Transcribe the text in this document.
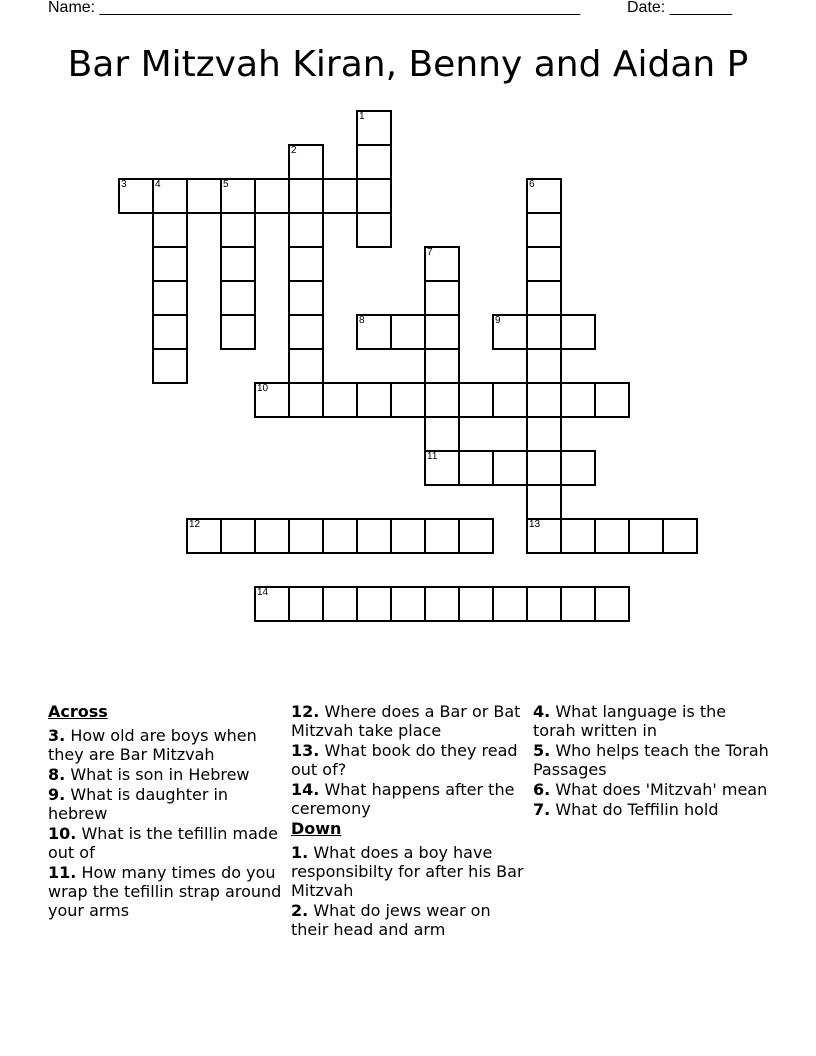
Name: ______________________________________________________	Date: _______
Bar Mitzvah Kiran, Benny and Aidan P
1
2
3	4	5	6
13
7
11
8	9
10
12
14
Across
3. How old are boys when they are Bar Mitzvah
8. What is son in Hebrew
9. What is daughter in hebrew
10. What is the tefillin made out of
11. How many times do you wrap the tefillin strap around your arms
12. Where does a Bar or Bat Mitzvah take place
13. What book do they read out of?
14. What happens after the ceremony
Down
1. What does a boy have responsibilty for after his Bar Mitzvah
2. What do jews wear on their head and arm
4. What language is the torah written in
5. Who helps teach the Torah Passages
6. What does 'Mitzvah' mean
7. What do Teffilin hold
